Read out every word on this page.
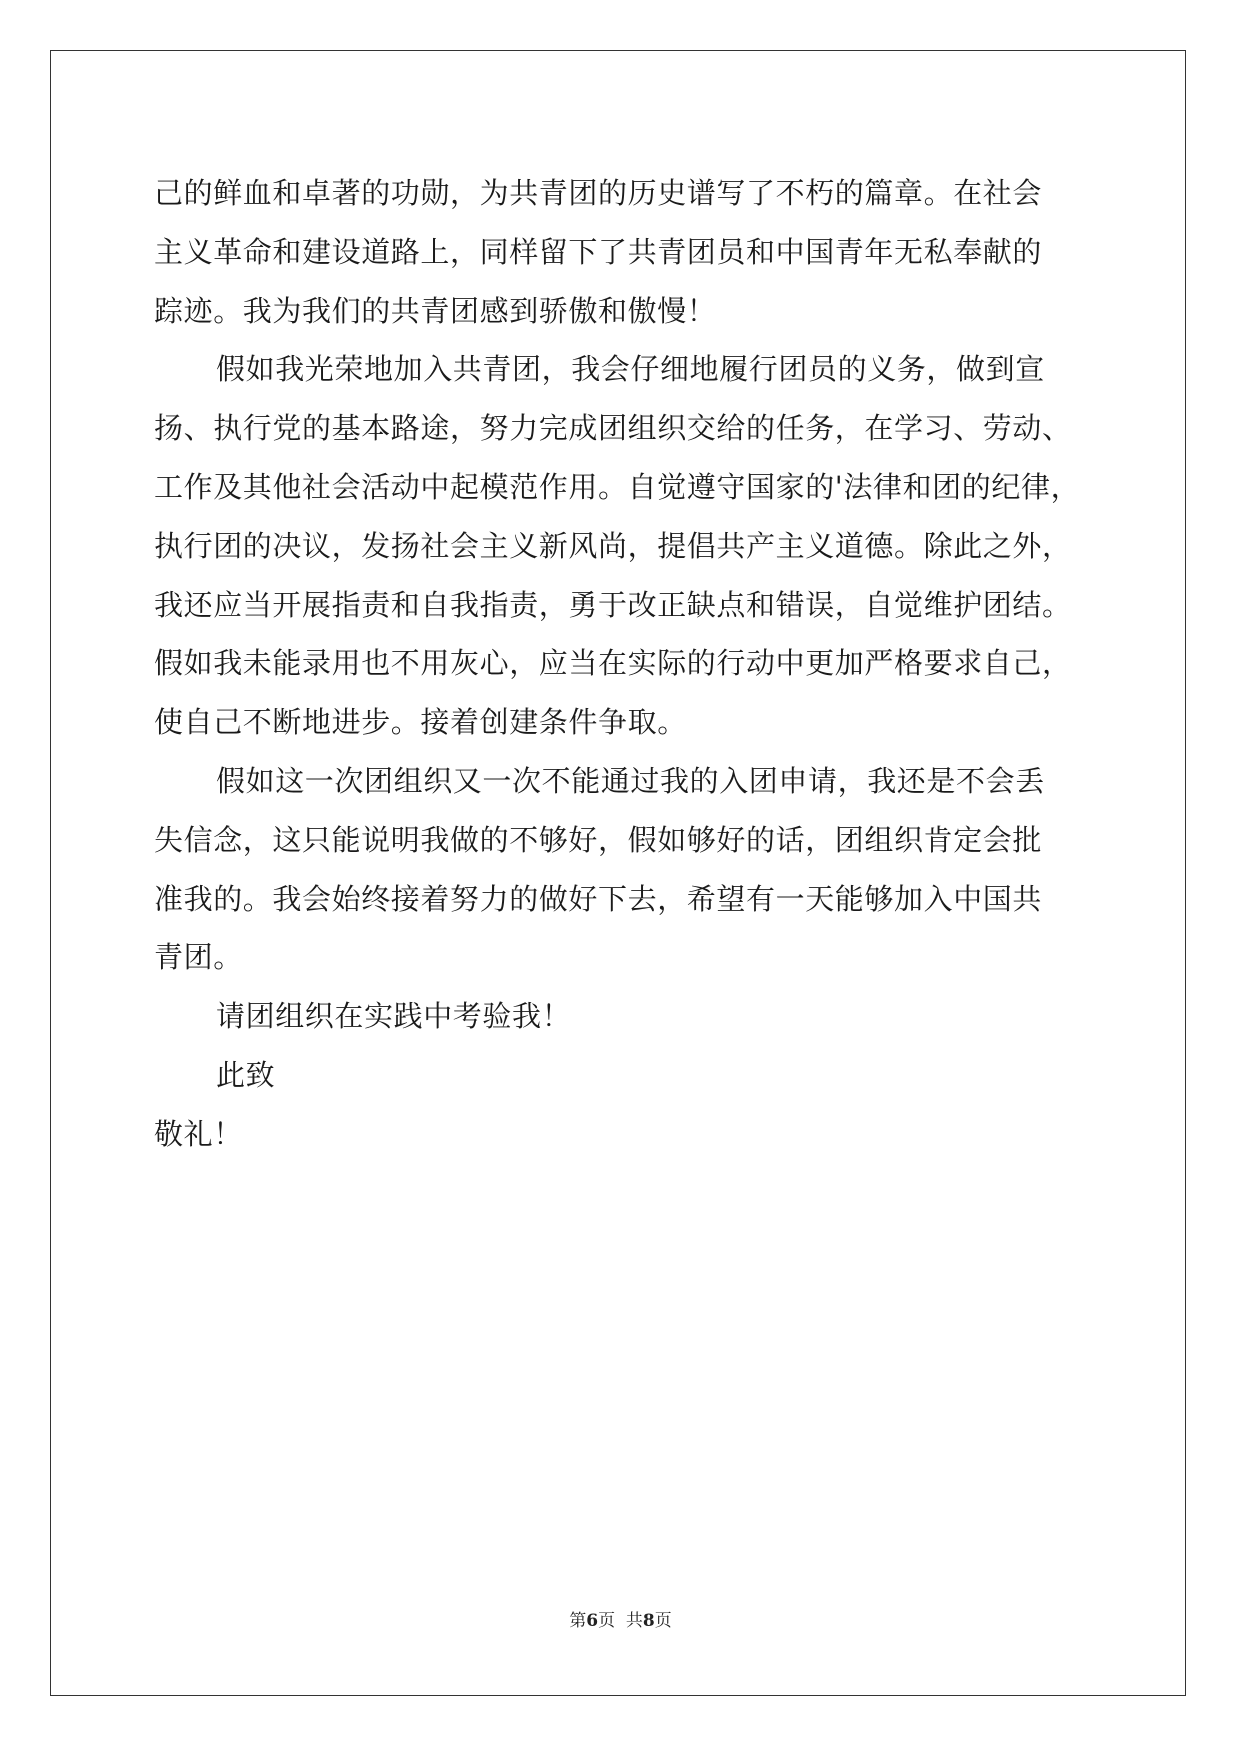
己的鲜血和卓著的功勋，为共青团的历史谱写了不朽的篇章。在社会
主义革命和建设道路上，同样留下了共青团员和中国青年无私奉献的
踪迹。我为我们的共青团感到骄傲和傲慢！
假如我光荣地加入共青团，我会仔细地履行团员的义务，做到宣
扬、执行党的基本路途，努力完成团组织交给的任务，在学习、劳动、
工作及其他社会活动中起模范作用。自觉遵守国家的'法律和团的纪律，
执行团的决议，发扬社会主义新风尚，提倡共产主义道德。除此之外，
我还应当开展指责和自我指责，勇于改正缺点和错误，自觉维护团结。
假如我未能录用也不用灰心，应当在实际的行动中更加严格要求自己，
使自己不断地进步。接着创建条件争取。
假如这一次团组织又一次不能通过我的入团申请，我还是不会丢
失信念，这只能说明我做的不够好，假如够好的话，团组织肯定会批
准我的。我会始终接着努力的做好下去，希望有一天能够加入中国共
青团。
请团组织在实践中考验我！
此致
敬礼！
第6页  共8页
